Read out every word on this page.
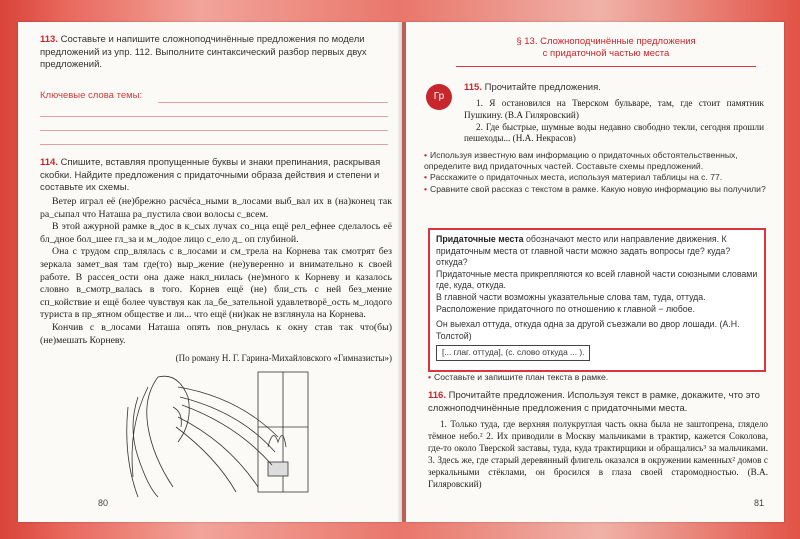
113. Составьте и напишите сложноподчинённые предложения по модели предложений из упр. 112. Выполните синтаксический разбор первых двух предложений.
Ключевые слова темы:
114. Спишите, вставляя пропущенные буквы и знаки препинания, раскрывая скобки. Найдите предложения с придаточными образа действия и степени и составьте их схемы.

Ветер играл её (не)брежно расчёса_ными в_лосами выб_вал их в (на)конец так ра_сыпал что Наташа ра_пустила свои волосы с_всем.

В этой ажурной рамке в_дос в к_сых лучах со_нца ещё рел_ефнее сделалось её бл_дное бол_шее гл_за и м_лодое лицо с_ело д_ оп глубиной.

Она с трудом спр_влялась с в_лосами и см_трела на Корнева так смотрят без зеркала замет_вая там где(то) выр_жение (не)уверенно и внимательно к своей работе. В рассея_ости она даже накл_нилась (не)много к Корневу и казалось словно в_смотр_валась в того. Корнев ещё (не) бли_сть с ней без_мение сп_койствие и ещё более чувствуя как ла_бе_зательной удавлетворё_ость м_лодого туриста в пр_ятном обществе и ли... что ещё (ни)как не взглянула на Корнева.

Кончив с в_лосами Наташа опять пов_рнулась к окну став так что(бы) (не)мешать Корневу.

(По роману Н. Г. Гарина-Михайловского «Гимназисты»)
80
§ 13. Сложноподчинённые предложения
с придаточной частью места
Гр
115. Прочитайте предложения.

1. Я остановился на Тверском бульваре, там, где стоит памятник Пушкину. (В.А Гиляровский)

2. Где быстрые, шумные воды недавно свободно текли, сегодня прошли пешеходы... (Н.А. Некрасов)

• Используя известную вам информацию о придаточных обстоятельственных, определите вид придаточных частей. Составьте схемы предложений.
• Расскажите о придаточных места, используя материал таблицы на с. 77.
• Сравните свой рассказ с текстом в рамке. Какую новую информацию вы получили?
Придаточные места обозначают место или направление движения. К придаточным места от главной части можно задать вопросы где? куда? откуда?
Придаточные места прикрепляются ко всей главной части союзными словами где, куда, откуда.
В главной части возможны указательные слова там, туда, оттуда.
Расположение придаточного по отношению к главной − любое.
Он выехал оттуда, откуда одна за другой съезжали во двор лошади. (А.Н. Толстой)
[... глаг. оттуда], (с. слово откуда ... ).
• Составьте и запишите план текста в рамке.
116. Прочитайте предложения. Используя текст в рамке, докажите, что это сложноподчинённые предложения с придаточными места.

1. Только туда, где верхняя полукруглая часть окна была не заштопрена, глядело тёмное небо.² 2. Их приводили в Москву мальчиками в трактир, кажется Соколова, где-то около Тверской заставы, туда, куда трактирщики и обращались³ за мальчиками. 3. Здесь же, где старый деревянный флигель оказался в окружении каменных² домов с зеркальными стёклами, он бросился в глаза своей старомодностью. (В.А. Гиляровский)

81
